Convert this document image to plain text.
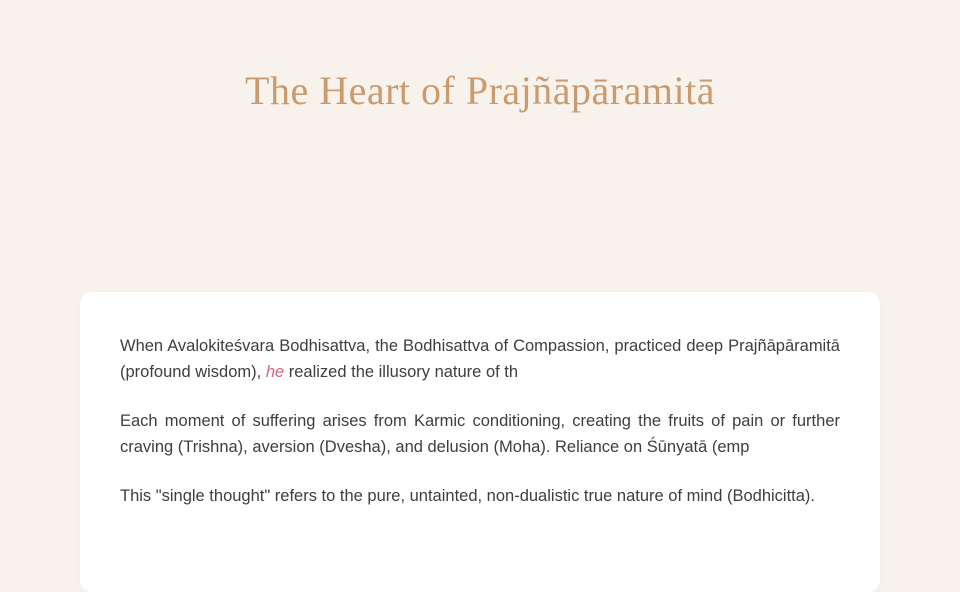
The Heart of Prajñāpāramitā

When Avalokiteśvara Bodhisattva, the Bodhisattva of Compassion, practiced deep Prajñāpāramitā (profound wisdom), he realized the illusory nature of th

Each moment of suffering arises from Karmic conditioning, creating the fruits of pain or further craving (Trishna), aversion (Dvesha), and delusion (Moha). Reliance on Śūnyatā (emp

This "single thought" refers to the pure, untainted, non-dualistic true nature of mind (Bodhicitta).
